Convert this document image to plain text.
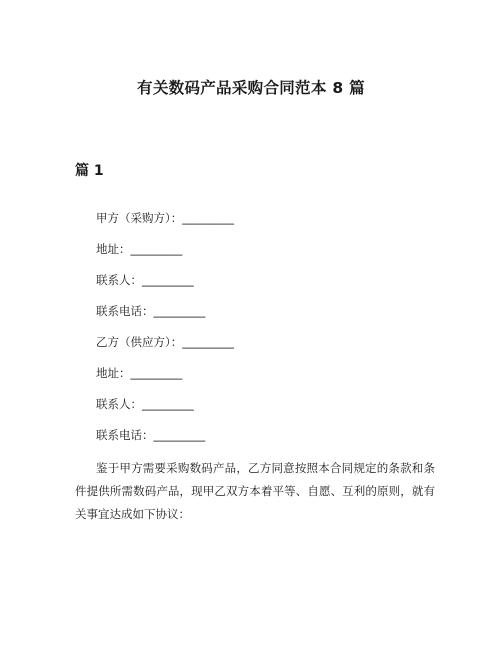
有关数码产品采购合同范本 8 篇
篇 1
甲方（采购方）：_________
地址：_________
联系人：_________
联系电话：_________
乙方（供应方）：_________
地址：_________
联系人：_________
联系电话：_________

鉴于甲方需要采购数码产品，乙方同意按照本合同规定的条款和条件提供所需数码产品，现甲乙双方本着平等、自愿、互利的原则，就有关事宜达成如下协议：
